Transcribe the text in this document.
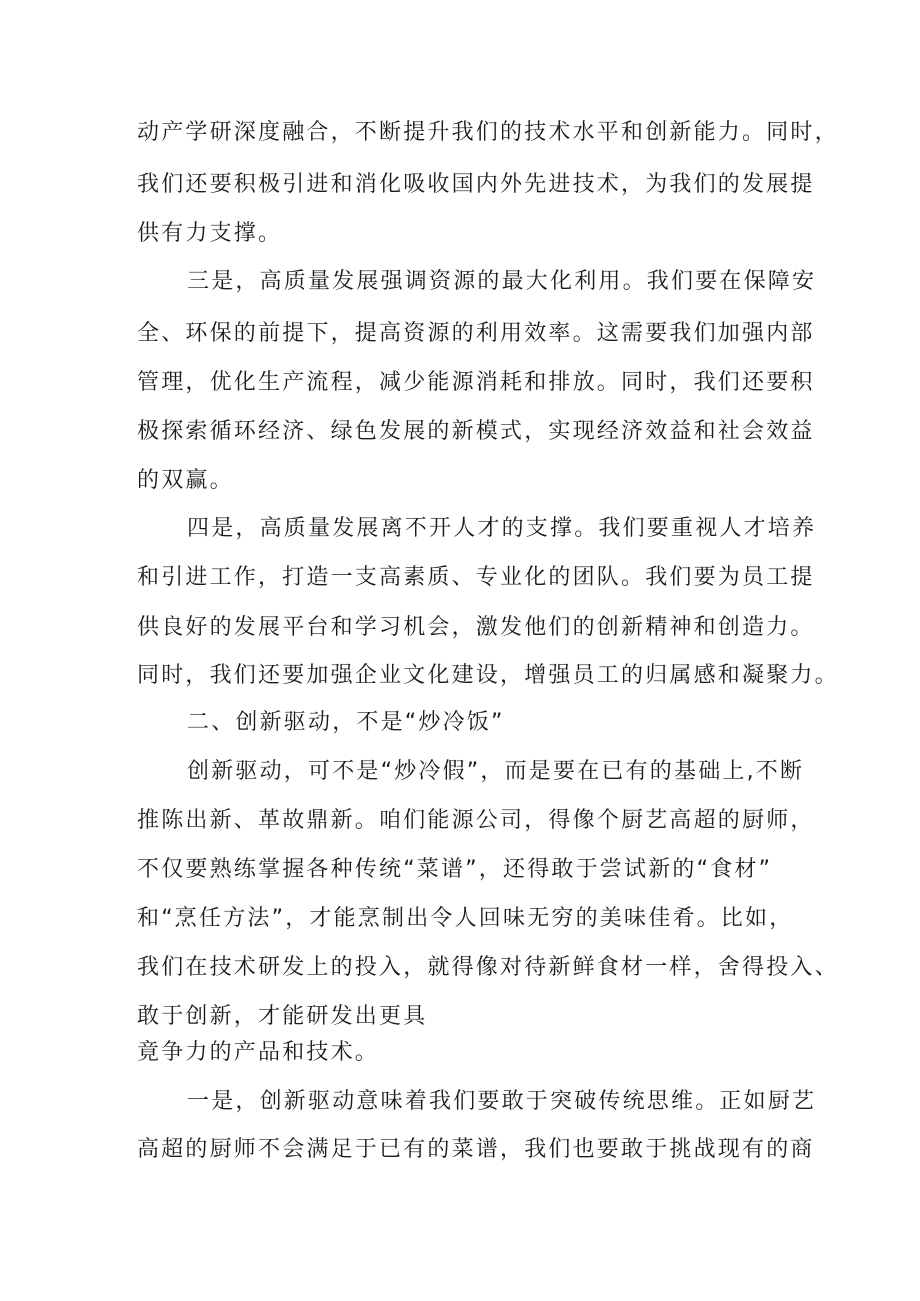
动产学研深度融合，不断提升我们的技术水平和创新能力。同时，
我们还要积极引进和消化吸收国内外先进技术，为我们的发展提
供有力支撑。
三是，高质量发展强调资源的最大化利用。我们要在保障安
全、环保的前提下，提高资源的利用效率。这需要我们加强内部
管理，优化生产流程，减少能源消耗和排放。同时，我们还要积
极探索循环经济、绿色发展的新模式，实现经济效益和社会效益
的双赢。
四是，高质量发展离不开人才的支撑。我们要重视人才培养
和引进工作，打造一支高素质、专业化的团队。我们要为员工提
供良好的发展平台和学习机会，激发他们的创新精神和创造力。
同时，我们还要加强企业文化建设，增强员工的归属感和凝聚力。
二、创新驱动，不是“炒冷饭”
创新驱动，可不是“炒冷假”，而是要在已有的基础上,不断
推陈出新、革故鼎新。咱们能源公司，得像个厨艺高超的厨师，
不仅要熟练掌握各种传统“菜谱”，还得敢于尝试新的“食材”
和“烹任方法”，才能烹制出令人回味无穷的美味佳肴。比如，
我们在技术研发上的投入，就得像对待新鲜食材一样，舍得投入、
敢于创新，才能研发出更具
竟争力的产品和技术。
一是，创新驱动意味着我们要敢于突破传统思维。正如厨艺
高超的厨师不会满足于已有的菜谱，我们也要敢于挑战现有的商
